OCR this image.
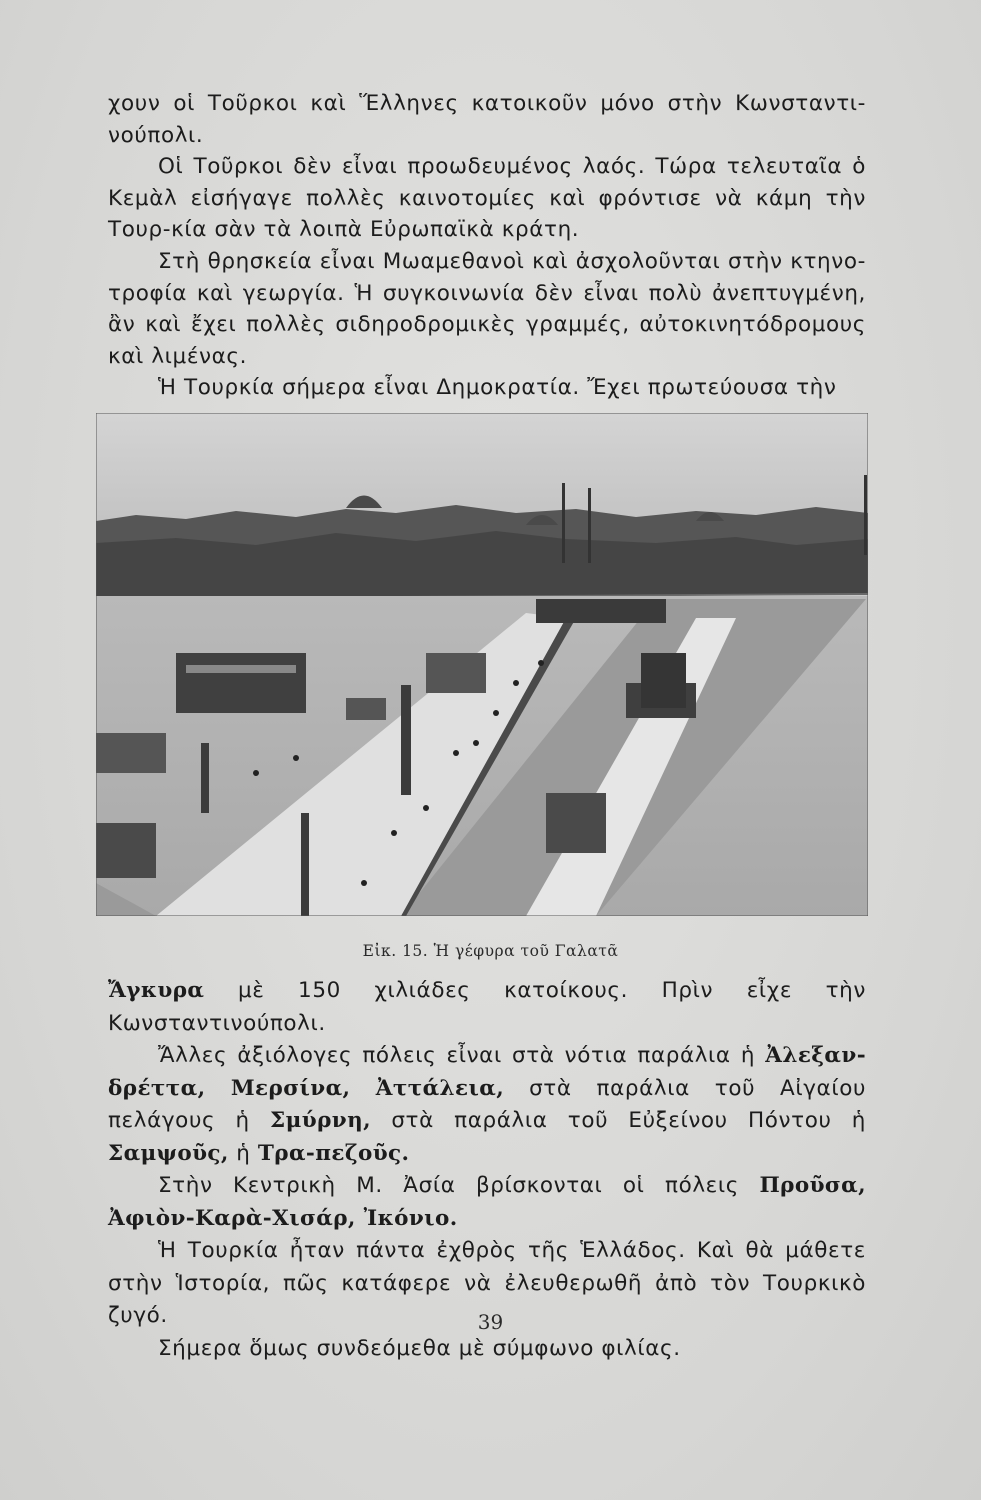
χουν οἱ Τοῦρκοι καὶ Ἕλληνες κατοικοῦν μόνο στὴν Κωνσταντι-νούπολι.

Οἱ Τοῦρκοι δὲν εἶναι προωδευμένος λαός. Τώρα τελευταῖα ὁ Κεμὰλ εἰσήγαγε πολλὲς καινοτομίες καὶ φρόντισε νὰ κάμη τὴν Τουρ-κία σὰν τὰ λοιπὰ Εὐρωπαϊκὰ κράτη.

Στὴ θρησκεία εἶναι Μωαμεθανοὶ καὶ ἀσχολοῦνται στὴν κτηνο-τροφία καὶ γεωργία. Ἡ συγκοινωνία δὲν εἶναι πολὺ ἀνεπτυγμένη, ἂν καὶ ἔχει πολλὲς σιδηροδρομικὲς γραμμές, αὐτοκινητόδρομους καὶ λιμένας.

Ἡ Τουρκία σήμερα εἶναι Δημοκρατία. Ἔχει πρωτεύουσα τὴν

Εἰκ. 15. Ἡ γέφυρα τοῦ Γαλατᾶ

Ἄγκυρα μὲ 150 χιλιάδες κατοίκους. Πρὶν εἶχε τὴν Κωνσταντινούπολι.

Ἄλλες ἀξιόλογες πόλεις εἶναι στὰ νότια παράλια ἡ Ἀλεξαν-δρέττα, Μερσίνα, Ἀττάλεια, στὰ παράλια τοῦ Αἰγαίου πελάγους ἡ Σμύρνη, στὰ παράλια τοῦ Εὐξείνου Πόντου ἡ Σαμψοῦς, ἡ Τρα-πεζοῦς.

Στὴν Κεντρικὴ Μ. Ἀσία βρίσκονται οἱ πόλεις Προῦσα, Ἀφιὸν-Καρὰ-Χισάρ, Ἰκόνιο.

Ἡ Τουρκία ἦταν πάντα ἐχθρὸς τῆς Ἑλλάδος. Καὶ θὰ μάθετε στὴν Ἱστορία, πῶς κατάφερε νὰ ἐλευθερωθῆ ἀπὸ τὸν Τουρκικὸ ζυγό.

Σήμερα ὅμως συνδεόμεθα μὲ σύμφωνο φιλίας.

39
